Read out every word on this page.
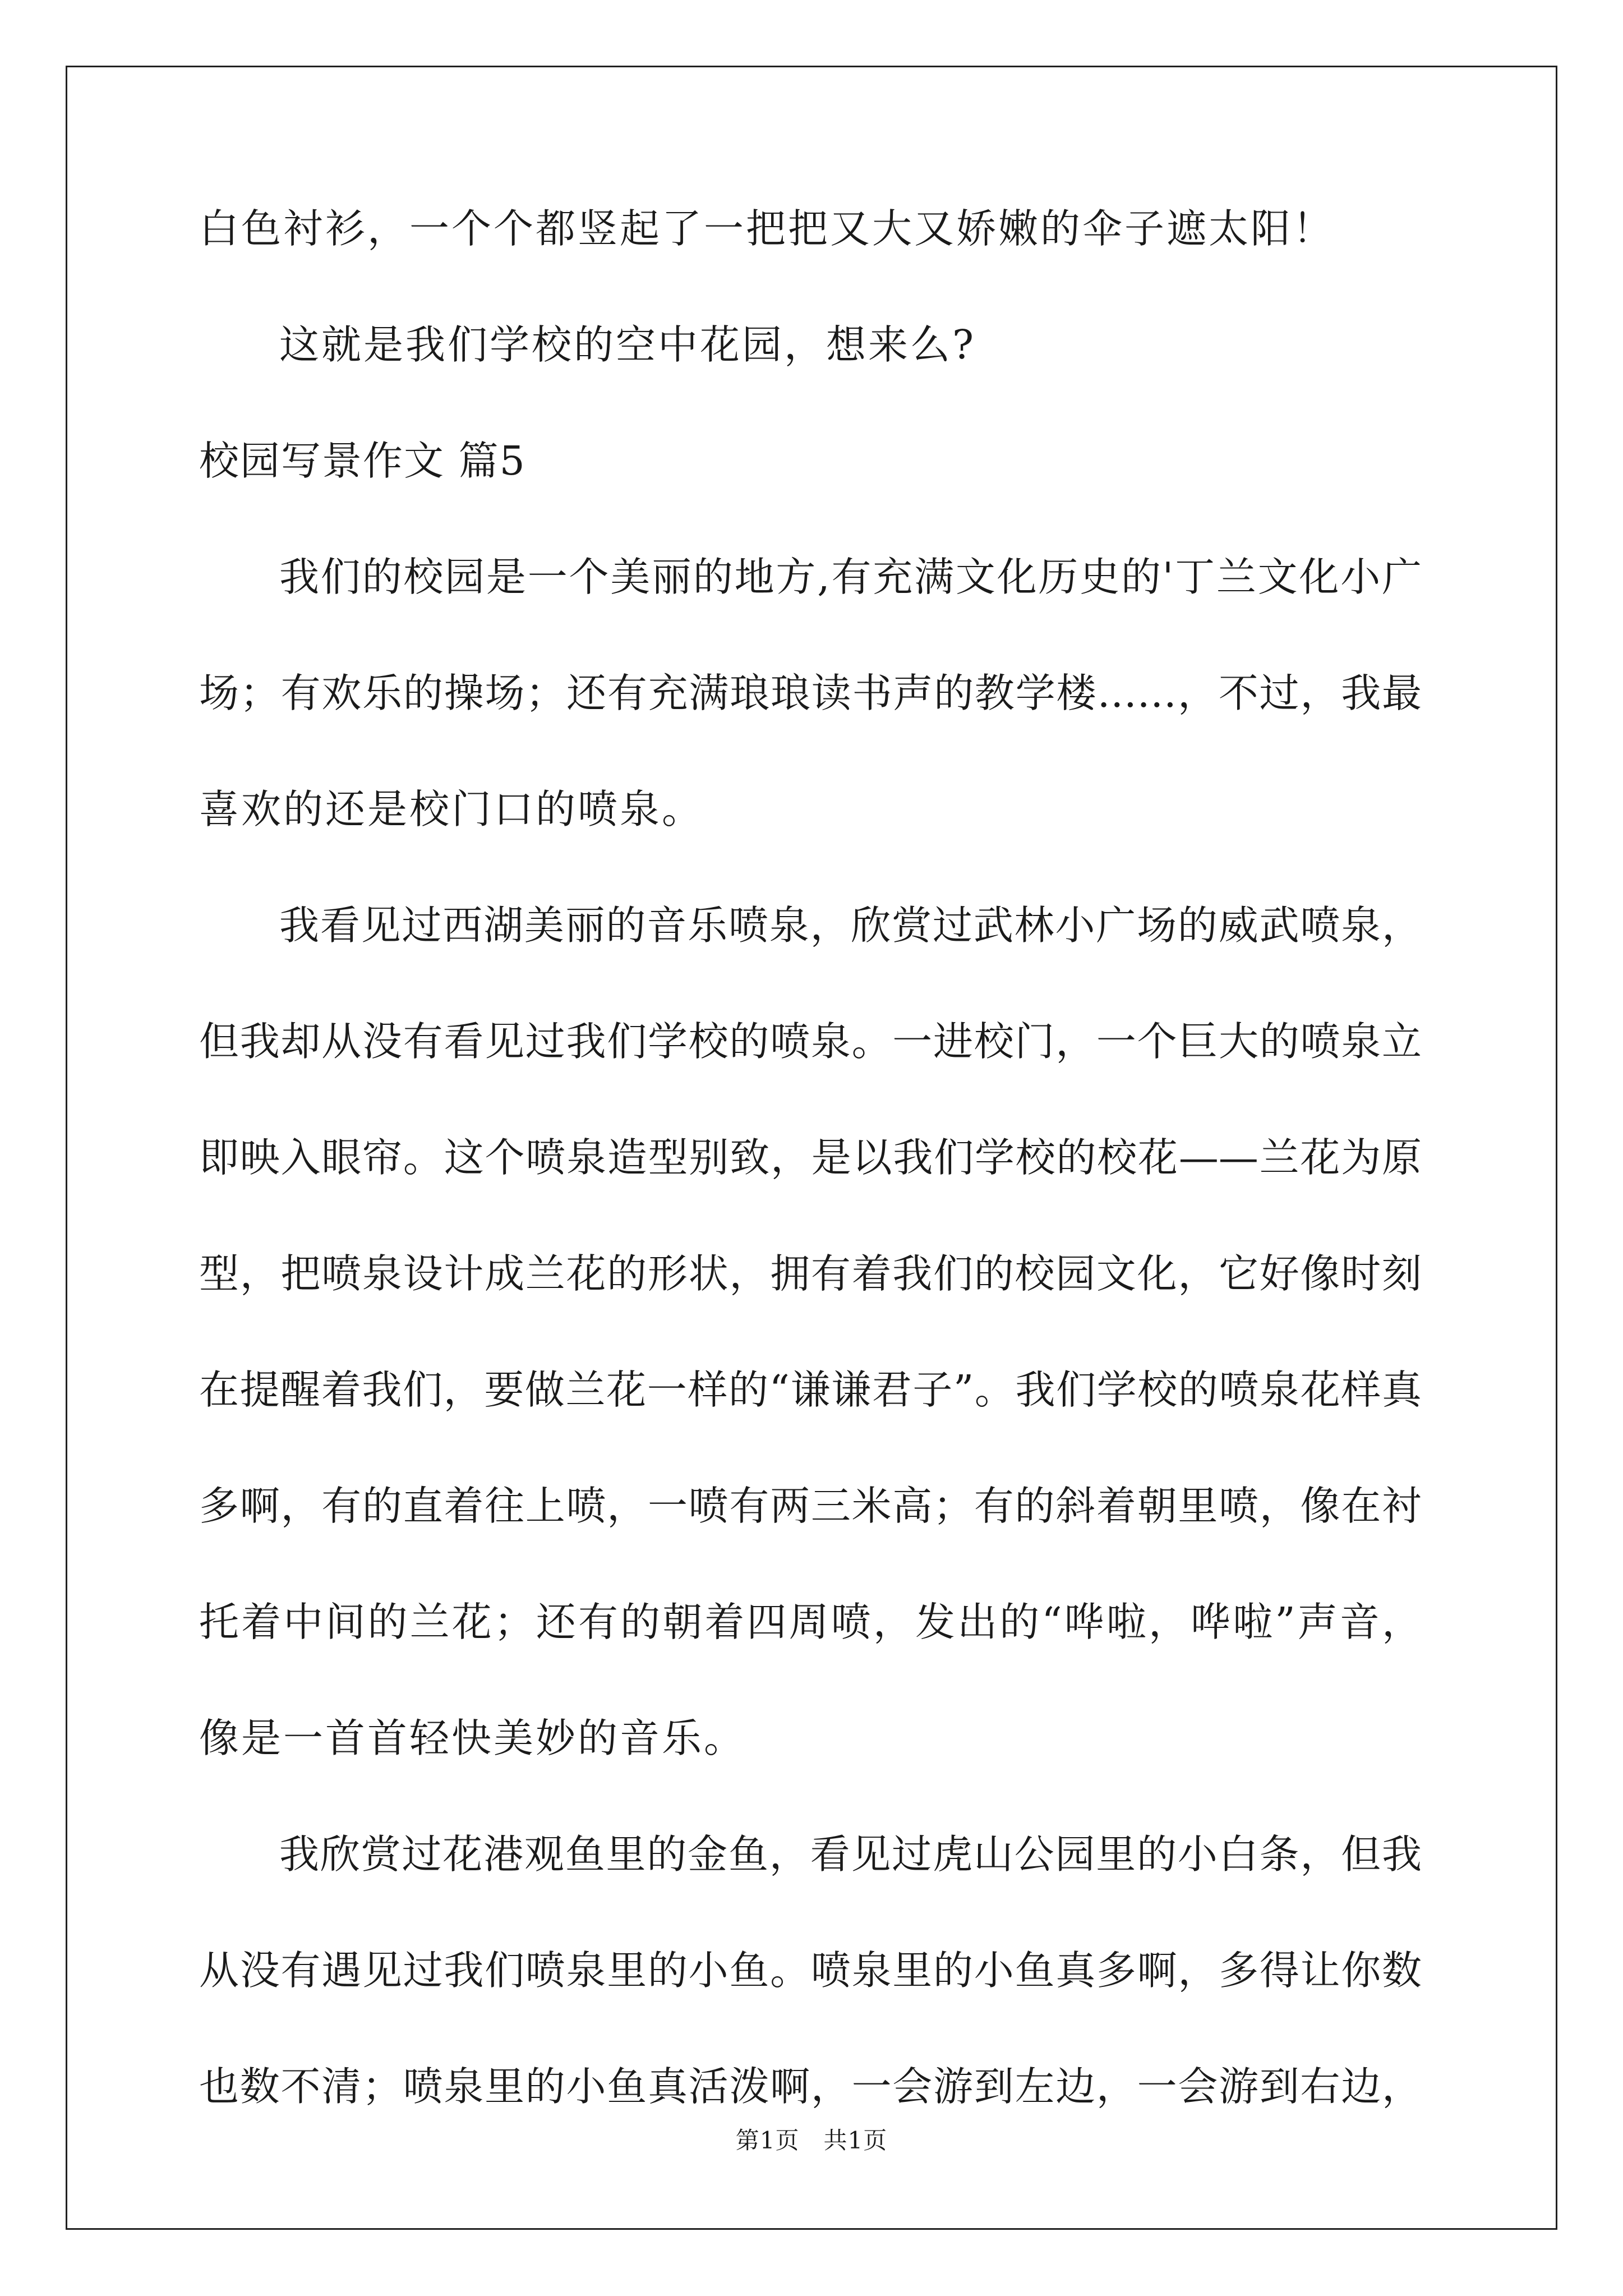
白色衬衫，一个个都竖起了一把把又大又娇嫩的伞子遮太阳！
这就是我们学校的空中花园，想来么?
校园写景作文 篇5
我们的校园是一个美丽的地方,有充满文化历史的'丁兰文化小广
场；有欢乐的操场；还有充满琅琅读书声的教学楼……，不过，我最
喜欢的还是校门口的喷泉。
我看见过西湖美丽的音乐喷泉，欣赏过武林小广场的威武喷泉，
但我却从没有看见过我们学校的喷泉。一进校门，一个巨大的喷泉立
即映入眼帘。这个喷泉造型别致，是以我们学校的校花——兰花为原
型，把喷泉设计成兰花的形状，拥有着我们的校园文化，它好像时刻
在提醒着我们，要做兰花一样的“谦谦君子”。我们学校的喷泉花样真
多啊，有的直着往上喷，一喷有两三米高；有的斜着朝里喷，像在衬
托着中间的兰花；还有的朝着四周喷，发出的“哗啦，哗啦”声音，
像是一首首轻快美妙的音乐。
我欣赏过花港观鱼里的金鱼，看见过虎山公园里的小白条，但我
从没有遇见过我们喷泉里的小鱼。喷泉里的小鱼真多啊，多得让你数
也数不清；喷泉里的小鱼真活泼啊，一会游到左边，一会游到右边，
第1页　共1页
